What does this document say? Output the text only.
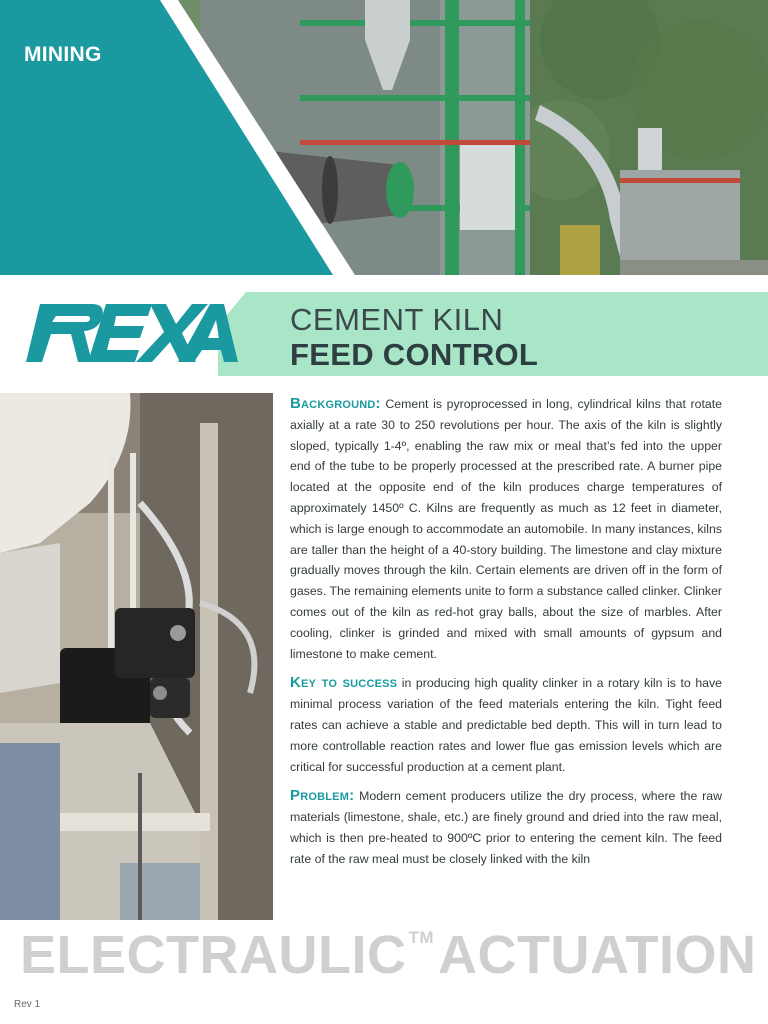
MINING
CEMENT KILN
FEED CONTROL

Background: Cement is pyroprocessed in long, cylindrical kilns that rotate axially at a rate 30 to 250 revolutions per hour. The axis of the kiln is slightly sloped, typically 1-4º, enabling the raw mix or meal that’s fed into the upper end of the tube to be properly processed at the prescribed rate. A burner pipe located at the opposite end of the kiln produces charge temperatures of approximately 1450º C. Kilns are frequently as much as 12 feet in diameter, which is large enough to accommodate an automobile. In many instances, kilns are taller than the height of a 40-story building. The limestone and clay mixture gradually moves through the kiln. Certain elements are driven off in the form of gases. The remaining elements unite to form a substance called clinker. Clinker comes out of the kiln as red-hot gray balls, about the size of marbles. After cooling, clinker is grinded and mixed with small amounts of gypsum and limestone to make cement.

Key to success in producing high quality clinker in a rotary kiln is to have minimal process variation of the feed materials entering the kiln. Tight feed rates can achieve a stable and predictable bed depth. This will in turn lead to more controllable reaction rates and lower flue gas emission levels which are critical for successful production at a cement plant.

Problem: Modern cement producers utilize the dry process, where the raw materials (limestone, shale, etc.) are finely ground and dried into the raw meal, which is then pre-heated to 900ºC prior to entering the cement kiln. The feed rate of the raw meal must be closely linked with the kiln

ELECTRAULIC ™ACTUATION
Rev 1
